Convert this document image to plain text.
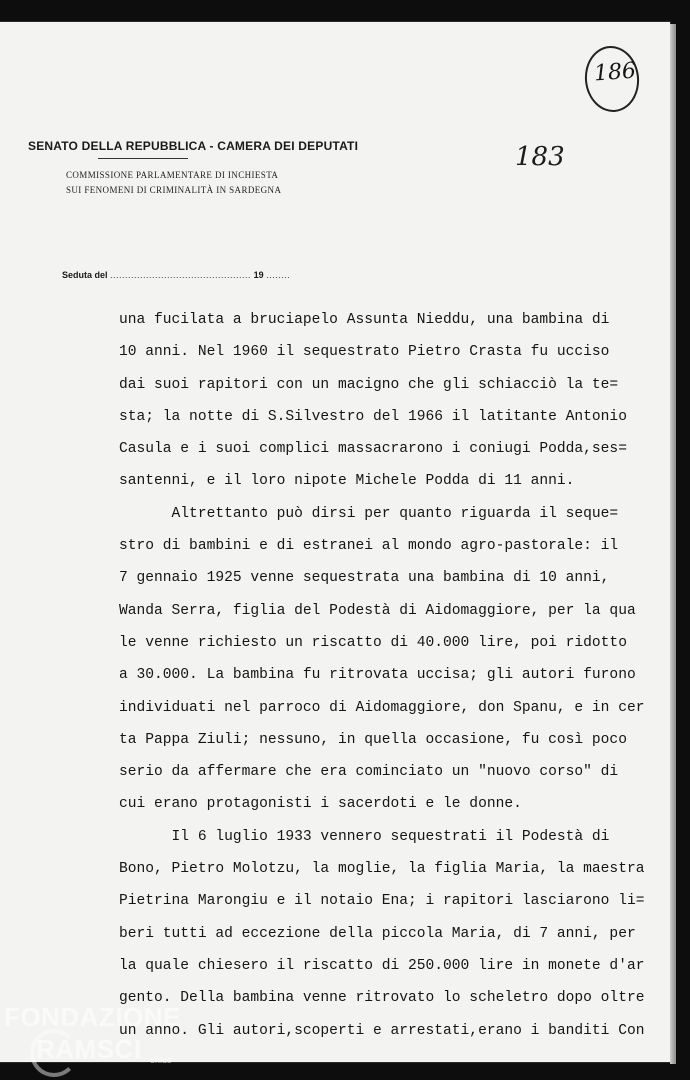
186
183
SENATO DELLA REPUBBLICA - CAMERA DEI DEPUTATI
COMMISSIONE PARLAMENTARE DI INCHIESTA
SUI FENOMENI DI CRIMINALITÀ IN SARDEGNA
Seduta del ............................................... 19 ........
una fucilata a bruciapelo Assunta Nieddu, una bambina di
10 anni. Nel 1960 il sequestrato Pietro Crasta fu ucciso
dai suoi rapitori con un macigno che gli schiacciò la te=
sta; la notte di S.Silvestro del 1966 il latitante Antonio
Casula e i suoi complici massacrarono i coniugi Podda,ses=
santenni, e il loro nipote Michele Podda di 11 anni.
Altrettanto può dirsi per quanto riguarda il seque=
stro di bambini e di estranei al mondo agro-pastorale: il
7 gennaio 1925 venne sequestrata una bambina di 10 anni,
Wanda Serra, figlia del Podestà di Aidomaggiore, per la qua
le venne richiesto un riscatto di 40.000 lire, poi ridotto
a 30.000. La bambina fu ritrovata uccisa; gli autori furono
individuati nel parroco di Aidomaggiore, don Spanu, e in cer
ta Pappa Ziuli; nessuno, in quella occasione, fu così poco
serio da affermare che era cominciato un "nuovo corso" di
cui erano protagonisti i sacerdoti e le donne.
Il 6 luglio 1933 vennero sequestrati il Podestà di
Bono, Pietro Molotzu, la moglie, la figlia Maria, la maestra
Pietrina Marongiu e il notaio Ena; i rapitori lasciarono li=
beri tutti ad eccezione della piccola Maria, di 7 anni, per
la quale chiesero il riscatto di 250.000 lire in monete d'ar
gento. Della bambina venne ritrovato lo scheletro dopo oltre
un anno. Gli autori,scoperti e arrestati,erano i banditi Con
FONDAZIONE
RAMSCI onlus
